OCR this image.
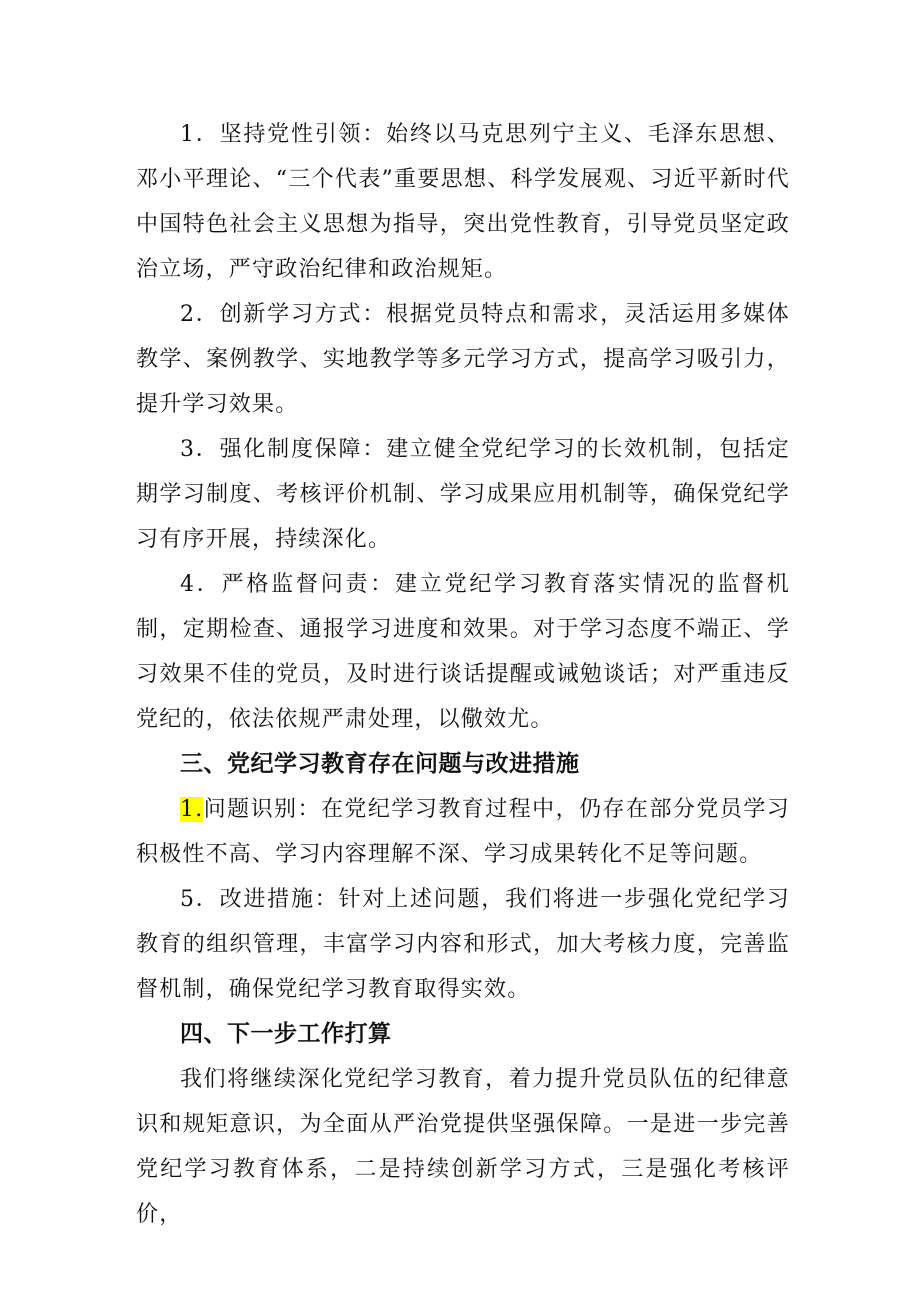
1．坚持党性引领：始终以马克思列宁主义、毛泽东思想、邓小平理论、“三个代表”重要思想、科学发展观、习近平新时代中国特色社会主义思想为指导，突出党性教育，引导党员坚定政治立场，严守政治纪律和政治规矩。

2．创新学习方式：根据党员特点和需求，灵活运用多媒体教学、案例教学、实地教学等多元学习方式，提高学习吸引力，提升学习效果。

3．强化制度保障：建立健全党纪学习的长效机制，包括定期学习制度、考核评价机制、学习成果应用机制等，确保党纪学习有序开展，持续深化。

4．严格监督问责：建立党纪学习教育落实情况的监督机制，定期检查、通报学习进度和效果。对于学习态度不端正、学习效果不佳的党员，及时进行谈话提醒或诫勉谈话；对严重违反党纪的，依法依规严肃处理，以儆效尤。

三、党纪学习教育存在问题与改进措施

1.问题识别：在党纪学习教育过程中，仍存在部分党员学习积极性不高、学习内容理解不深、学习成果转化不足等问题。

5．改进措施：针对上述问题，我们将进一步强化党纪学习教育的组织管理，丰富学习内容和形式，加大考核力度，完善监督机制，确保党纪学习教育取得实效。

四、下一步工作打算

我们将继续深化党纪学习教育，着力提升党员队伍的纪律意识和规矩意识，为全面从严治党提供坚强保障。一是进一步完善党纪学习教育体系，二是持续创新学习方式，三是强化考核评价，
